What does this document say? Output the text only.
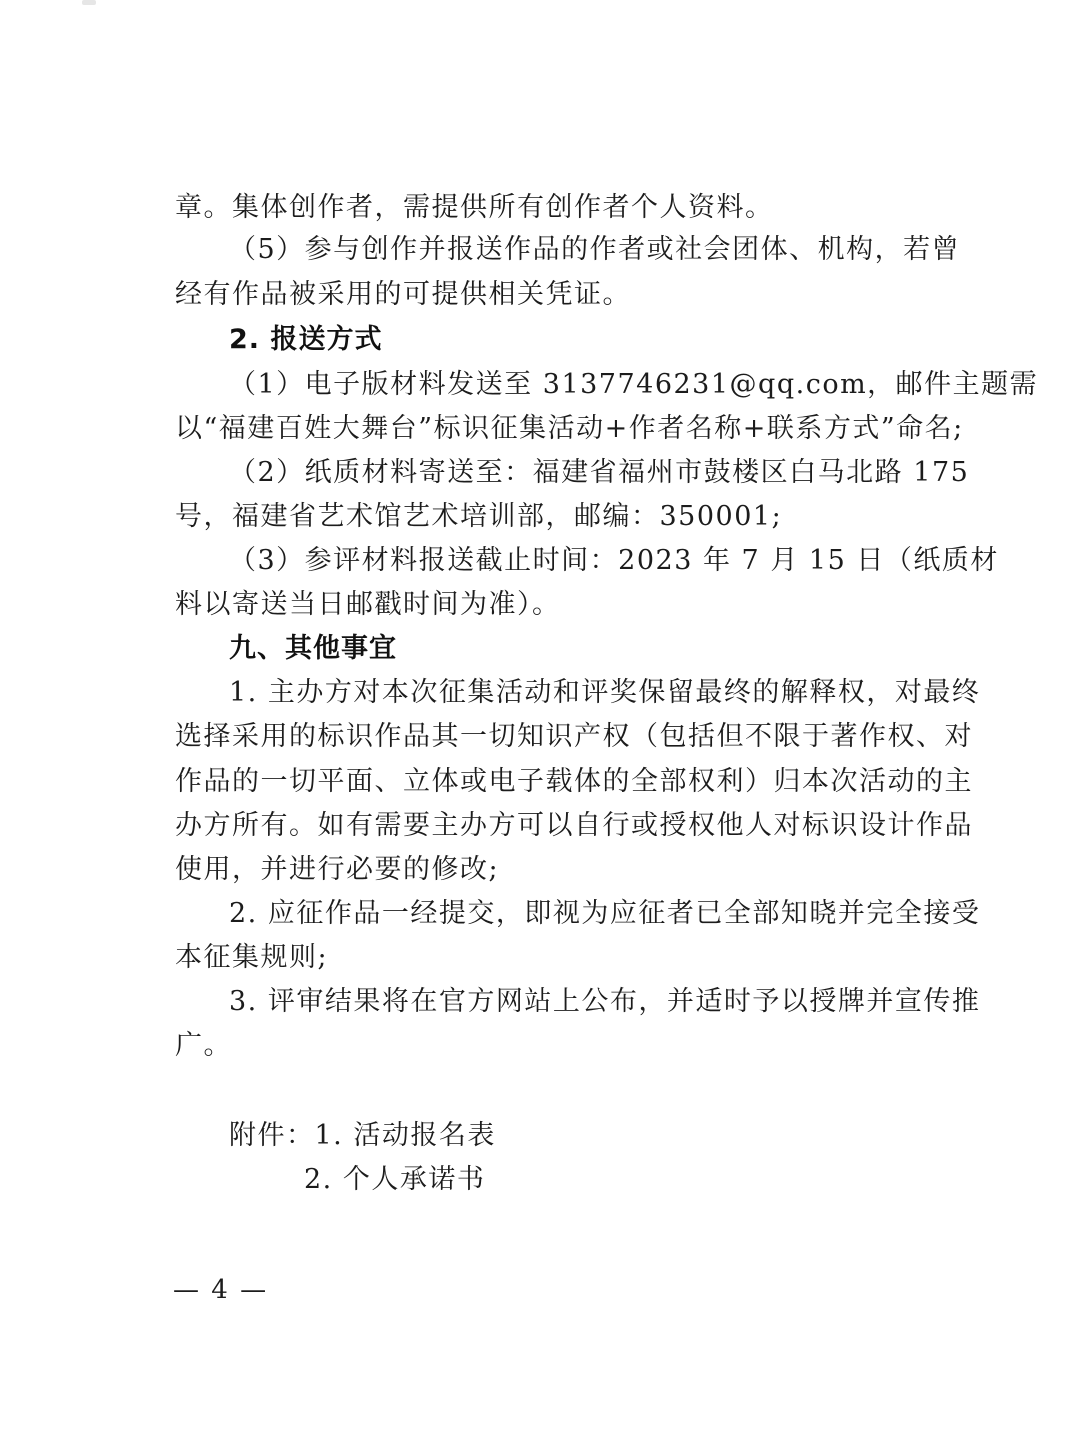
章。集体创作者，需提供所有创作者个人资料。
（5）参与创作并报送作品的作者或社会团体、机构，若曾
经有作品被采用的可提供相关凭证。
2. 报送方式
（1）电子版材料发送至 3137746231@qq.com，邮件主题需
以“福建百姓大舞台”标识征集活动+作者名称+联系方式”命名;
（2）纸质材料寄送至：福建省福州市鼓楼区白马北路 175
号，福建省艺术馆艺术培训部，邮编：350001;
（3）参评材料报送截止时间：2023 年 7 月 15 日（纸质材
料以寄送当日邮戳时间为准）。
九、其他事宜
1. 主办方对本次征集活动和评奖保留最终的解释权，对最终
选择采用的标识作品其一切知识产权（包括但不限于著作权、对
作品的一切平面、立体或电子载体的全部权利）归本次活动的主
办方所有。如有需要主办方可以自行或授权他人对标识设计作品
使用，并进行必要的修改;
2. 应征作品一经提交，即视为应征者已全部知晓并完全接受
本征集规则;
3. 评审结果将在官方网站上公布，并适时予以授牌并宣传推
广。
附件：1. 活动报名表
2. 个人承诺书
— 4 —
